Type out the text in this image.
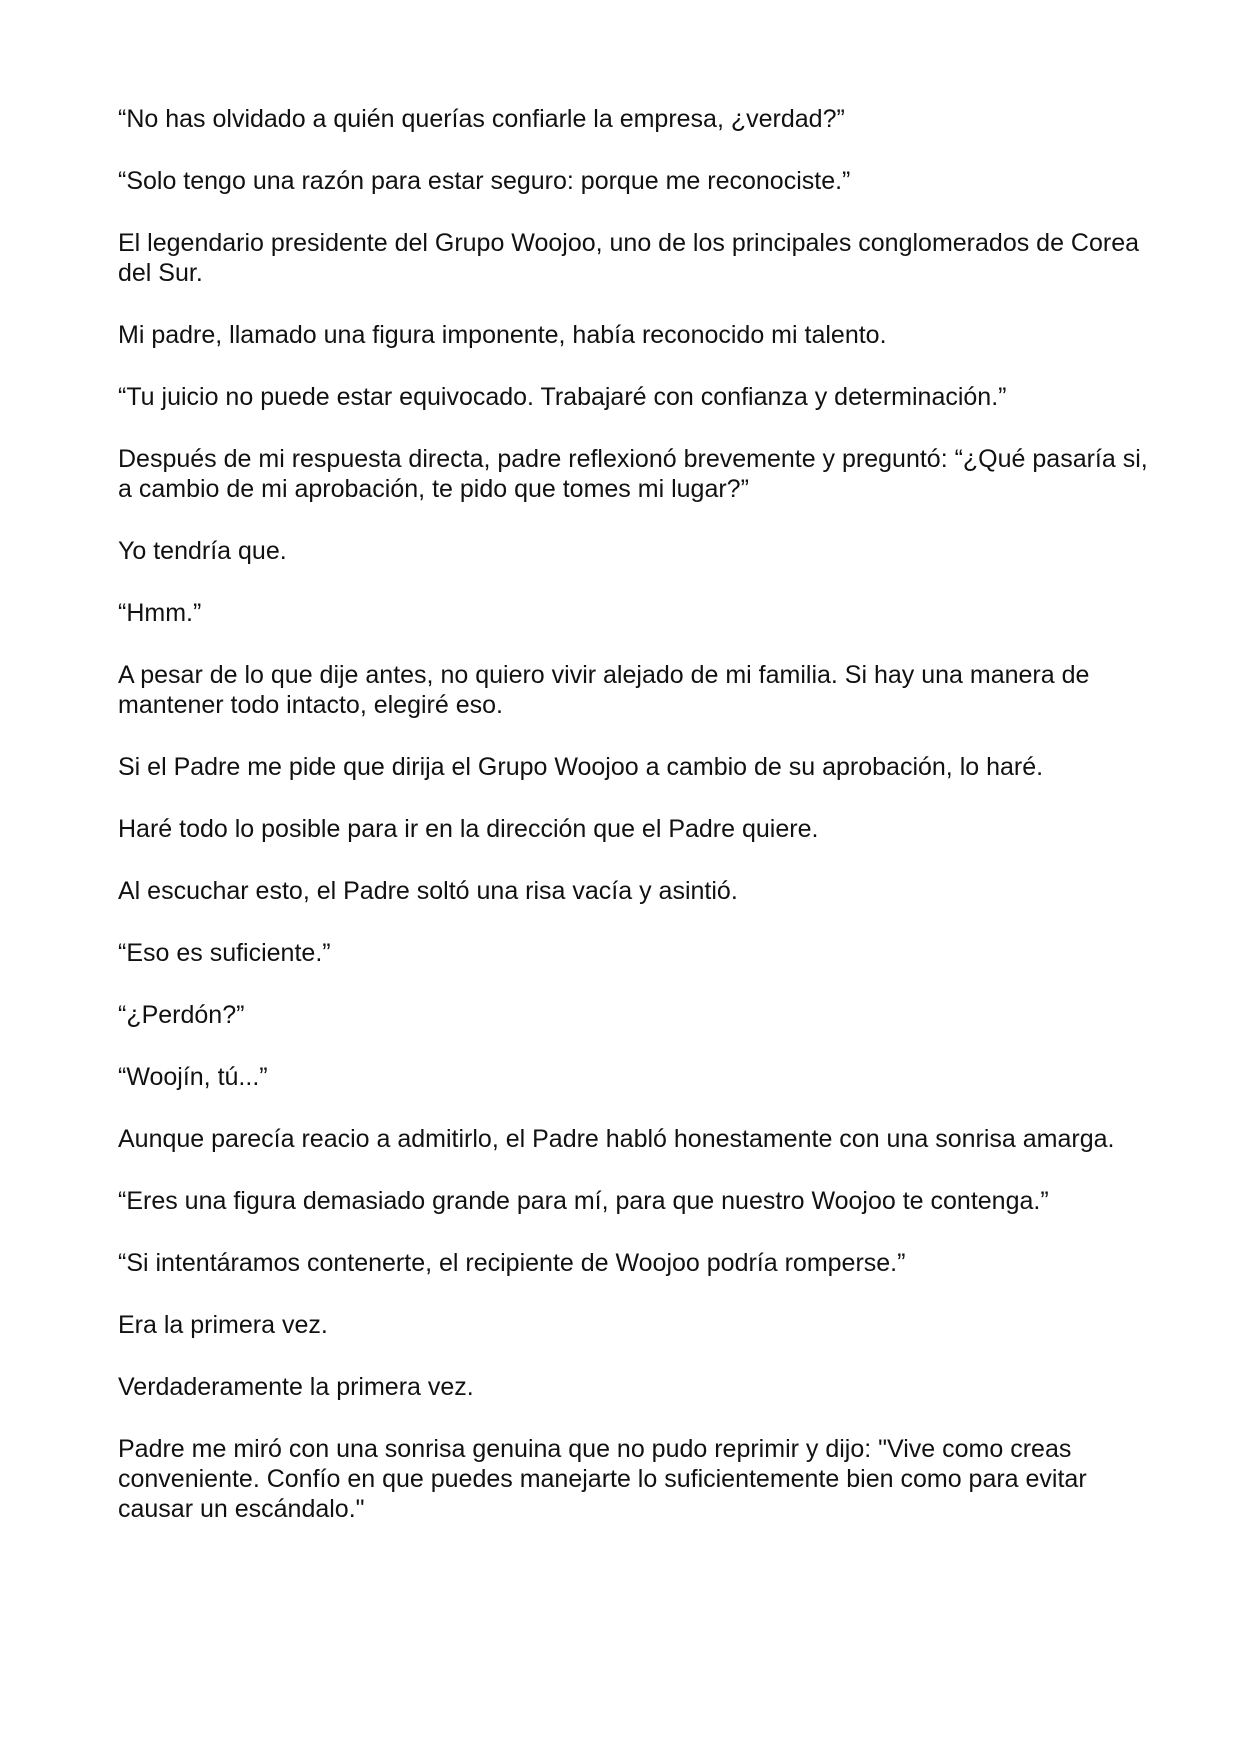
“No has olvidado a quién querías confiarle la empresa, ¿verdad?”

“Solo tengo una razón para estar seguro: porque me reconociste.”

El legendario presidente del Grupo Woojoo, uno de los principales conglomerados de Corea del Sur.

Mi padre, llamado una figura imponente, había reconocido mi talento.

“Tu juicio no puede estar equivocado. Trabajaré con confianza y determinación.”

Después de mi respuesta directa, padre reflexionó brevemente y preguntó: “¿Qué pasaría si, a cambio de mi aprobación, te pido que tomes mi lugar?”

Yo tendría que.

“Hmm.”

A pesar de lo que dije antes, no quiero vivir alejado de mi familia. Si hay una manera de mantener todo intacto, elegiré eso.

Si el Padre me pide que dirija el Grupo Woojoo a cambio de su aprobación, lo haré.

Haré todo lo posible para ir en la dirección que el Padre quiere.

Al escuchar esto, el Padre soltó una risa vacía y asintió.

“Eso es suficiente.”

“¿Perdón?”

“Woojín, tú...”

Aunque parecía reacio a admitirlo, el Padre habló honestamente con una sonrisa amarga.

“Eres una figura demasiado grande para mí, para que nuestro Woojoo te contenga.”

“Si intentáramos contenerte, el recipiente de Woojoo podría romperse.”

Era la primera vez.

Verdaderamente la primera vez.

Padre me miró con una sonrisa genuina que no pudo reprimir y dijo: "Vive como creas conveniente. Confío en que puedes manejarte lo suficientemente bien como para evitar causar un escándalo."
